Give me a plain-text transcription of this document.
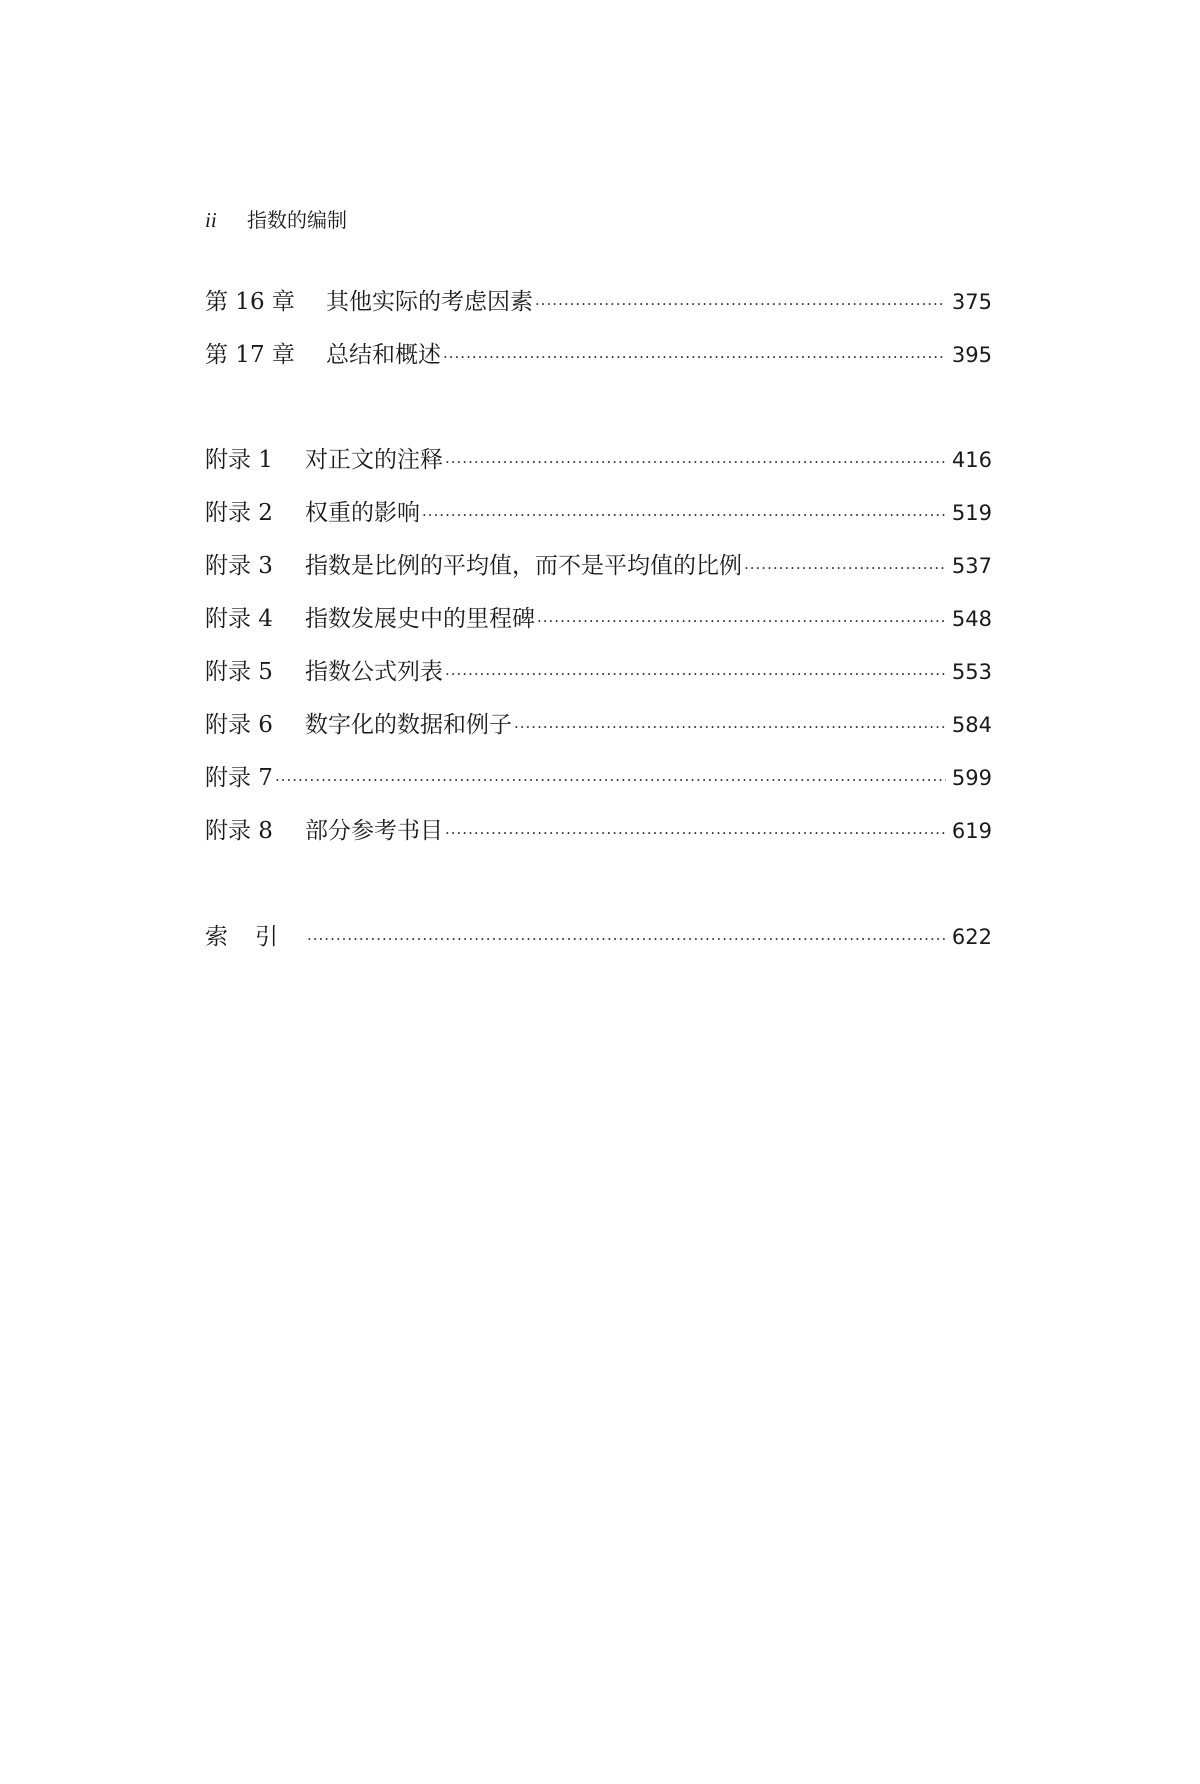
ii	指数的编制
第 16 章	其他实际的考虑因素 ·····	375
第 17 章	总结和概述 ·····	395
附录 1	对正文的注释 ·····	416
附录 2	权重的影响 ·····	519
附录 3	指数是比例的平均值，而不是平均值的比例 ·····	537
附录 4	指数发展史中的里程碑 ·····	548
附录 5	指数公式列表 ·····	553
附录 6	数字化的数据和例子 ·····	584
附录 7 ·····	599
附录 8	部分参考书目 ·····	619
索引 ·····	622
